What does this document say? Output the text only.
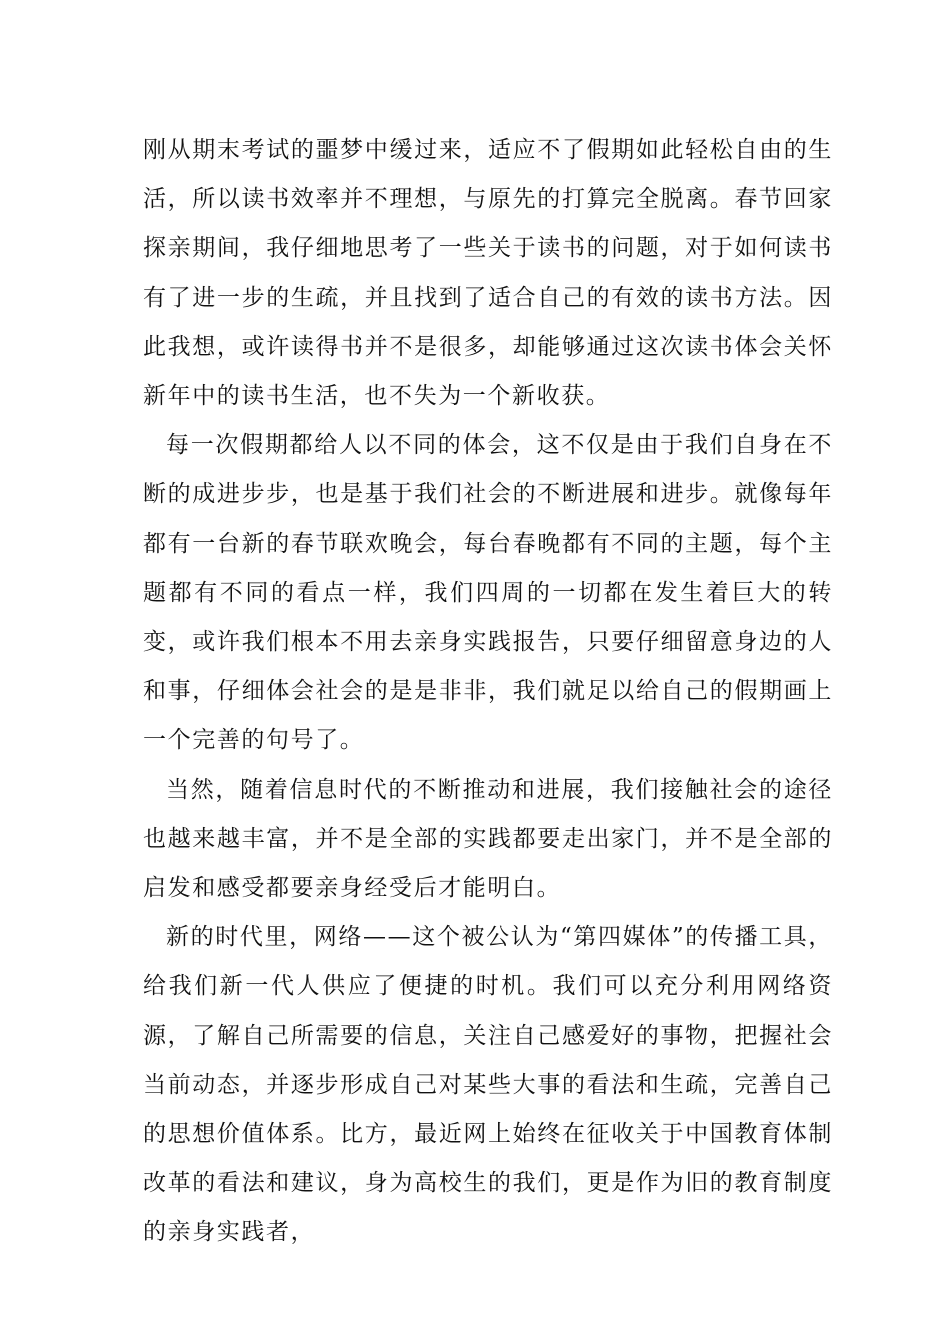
刚从期末考试的噩梦中缓过来，适应不了假期如此轻松自由的生活，所以读书效率并不理想，与原先的打算完全脱离。春节回家探亲期间，我仔细地思考了一些关于读书的问题，对于如何读书有了进一步的生疏，并且找到了适合自己的有效的读书方法。因此我想，或许读得书并不是很多，却能够通过这次读书体会关怀新年中的读书生活，也不失为一个新收获。

每一次假期都给人以不同的体会，这不仅是由于我们自身在不断的成进步步，也是基于我们社会的不断进展和进步。就像每年都有一台新的春节联欢晚会，每台春晚都有不同的主题，每个主题都有不同的看点一样，我们四周的一切都在发生着巨大的转变，或许我们根本不用去亲身实践报告，只要仔细留意身边的人和事，仔细体会社会的是是非非，我们就足以给自己的假期画上一个完善的句号了。

当然，随着信息时代的不断推动和进展，我们接触社会的途径也越来越丰富，并不是全部的实践都要走出家门，并不是全部的启发和感受都要亲身经受后才能明白。

新的时代里，网络——这个被公认为“第四媒体”的传播工具，给我们新一代人供应了便捷的时机。我们可以充分利用网络资源，了解自己所需要的信息，关注自己感爱好的事物，把握社会当前动态，并逐步形成自己对某些大事的看法和生疏，完善自己的思想价值体系。比方，最近网上始终在征收关于中国教育体制改革的看法和建议，身为高校生的我们，更是作为旧的教育制度的亲身实践者，
